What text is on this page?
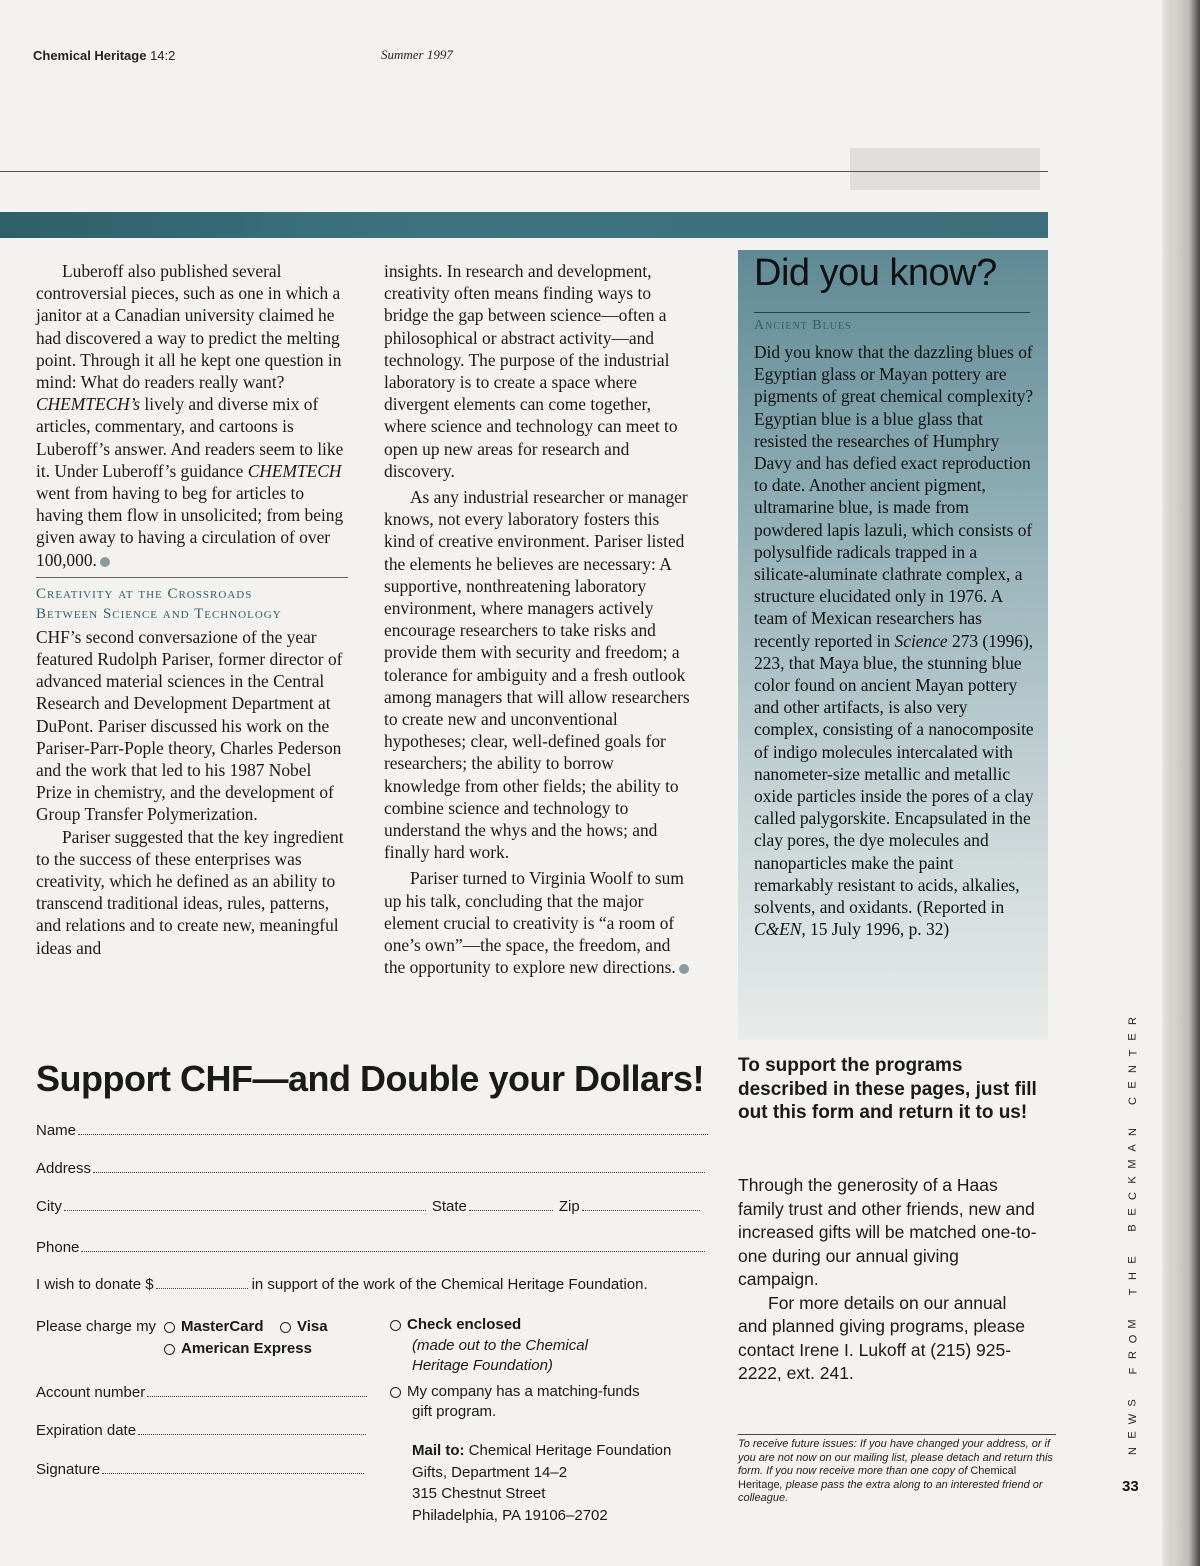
Chemical Heritage 14:2	Summer 1997

Luberoff also published several controversial pieces, such as one in which a janitor at a Canadian university claimed he had discovered a way to predict the melting point. Through it all he kept one question in mind: What do readers really want? CHEMTECH’s lively and diverse mix of articles, commentary, and cartoons is Luberoff’s answer. And readers seem to like it. Under Luberoff’s guidance CHEMTECH went from having to beg for articles to having them flow in unsolicited; from being given away to having a circulation of over 100,000.

Creativity at the Crossroads
Between Science and Technology

CHF’s second conversazione of the year featured Rudolph Pariser, former director of advanced material sciences in the Central Research and Development Department at DuPont. Pariser discussed his work on the Pariser-Parr-Pople theory, Charles Pederson and the work that led to his 1987 Nobel Prize in chemistry, and the development of Group Transfer Polymerization.

Pariser suggested that the key ingredient to the success of these enterprises was creativity, which he defined as an ability to transcend traditional ideas, rules, patterns, and relations and to create new, meaningful ideas and

insights. In research and development, creativity often means finding ways to bridge the gap between science—often a philosophical or abstract activity—and technology. The purpose of the industrial laboratory is to create a space where divergent elements can come together, where science and technology can meet to open up new areas for research and discovery.

As any industrial researcher or manager knows, not every laboratory fosters this kind of creative environment. Pariser listed the elements he believes are necessary: A supportive, nonthreatening laboratory environment, where managers actively encourage researchers to take risks and provide them with security and freedom; a tolerance for ambiguity and a fresh outlook among managers that will allow researchers to create new and unconventional hypotheses; clear, well-defined goals for researchers; the ability to borrow knowledge from other fields; the ability to combine science and technology to understand the whys and the hows; and finally hard work.

Pariser turned to Virginia Woolf to sum up his talk, concluding that the major element crucial to creativity is “a room of one’s own”—the space, the freedom, and the opportunity to explore new directions.

Did you know?
Ancient Blues

Did you know that the dazzling blues of Egyptian glass or Mayan pottery are pigments of great chemical complexity? Egyptian blue is a blue glass that resisted the researches of Humphry Davy and has defied exact reproduction to date. Another ancient pigment, ultramarine blue, is made from powdered lapis lazuli, which consists of polysulfide radicals trapped in a silicate-aluminate clathrate complex, a structure elucidated only in 1976. A team of Mexican researchers has recently reported in Science 273 (1996), 223, that Maya blue, the stunning blue color found on ancient Mayan pottery and other artifacts, is also very complex, consisting of a nanocomposite of indigo molecules intercalated with nanometer-size metallic and metallic oxide particles inside the pores of a clay called palygorskite. Encapsulated in the clay pores, the dye molecules and nanoparticles make the paint remarkably resistant to acids, alkalies, solvents, and oxidants. (Reported in C&EN, 15 July 1996, p. 32)

Support CHF—and Double your Dollars!
Name
Address
City	State	Zip
Phone
I wish to donate $	in support of the work of the Chemical Heritage Foundation.
Please charge my	MasterCard	Visa
American Express
Account number
Expiration date
Signature
Check enclosed
(made out to the Chemical
Heritage Foundation)
My company has a matching-funds
gift program.
Mail to: Chemical Heritage Foundation
Gifts, Department 14–2
315 Chestnut Street
Philadelphia, PA 19106–2702
To support the programs described in these pages, just fill out this form and return it to us!

Through the generosity of a Haas family trust and other friends, new and increased gifts will be matched one-to-one during our annual giving campaign.

For more details on our annual and planned giving programs, please contact Irene I. Lukoff at (215) 925-2222, ext. 241.

To receive future issues: If you have changed your address, or if you are not now on our mailing list, please detach and return this form. If you now receive more than one copy of Chemical Heritage, please pass the extra along to an interested friend or colleague.
R
E
T
N
E
C

N
A
M
K
C
E
B

E
H
T

M
O
R
F

S
W
E
N
33
